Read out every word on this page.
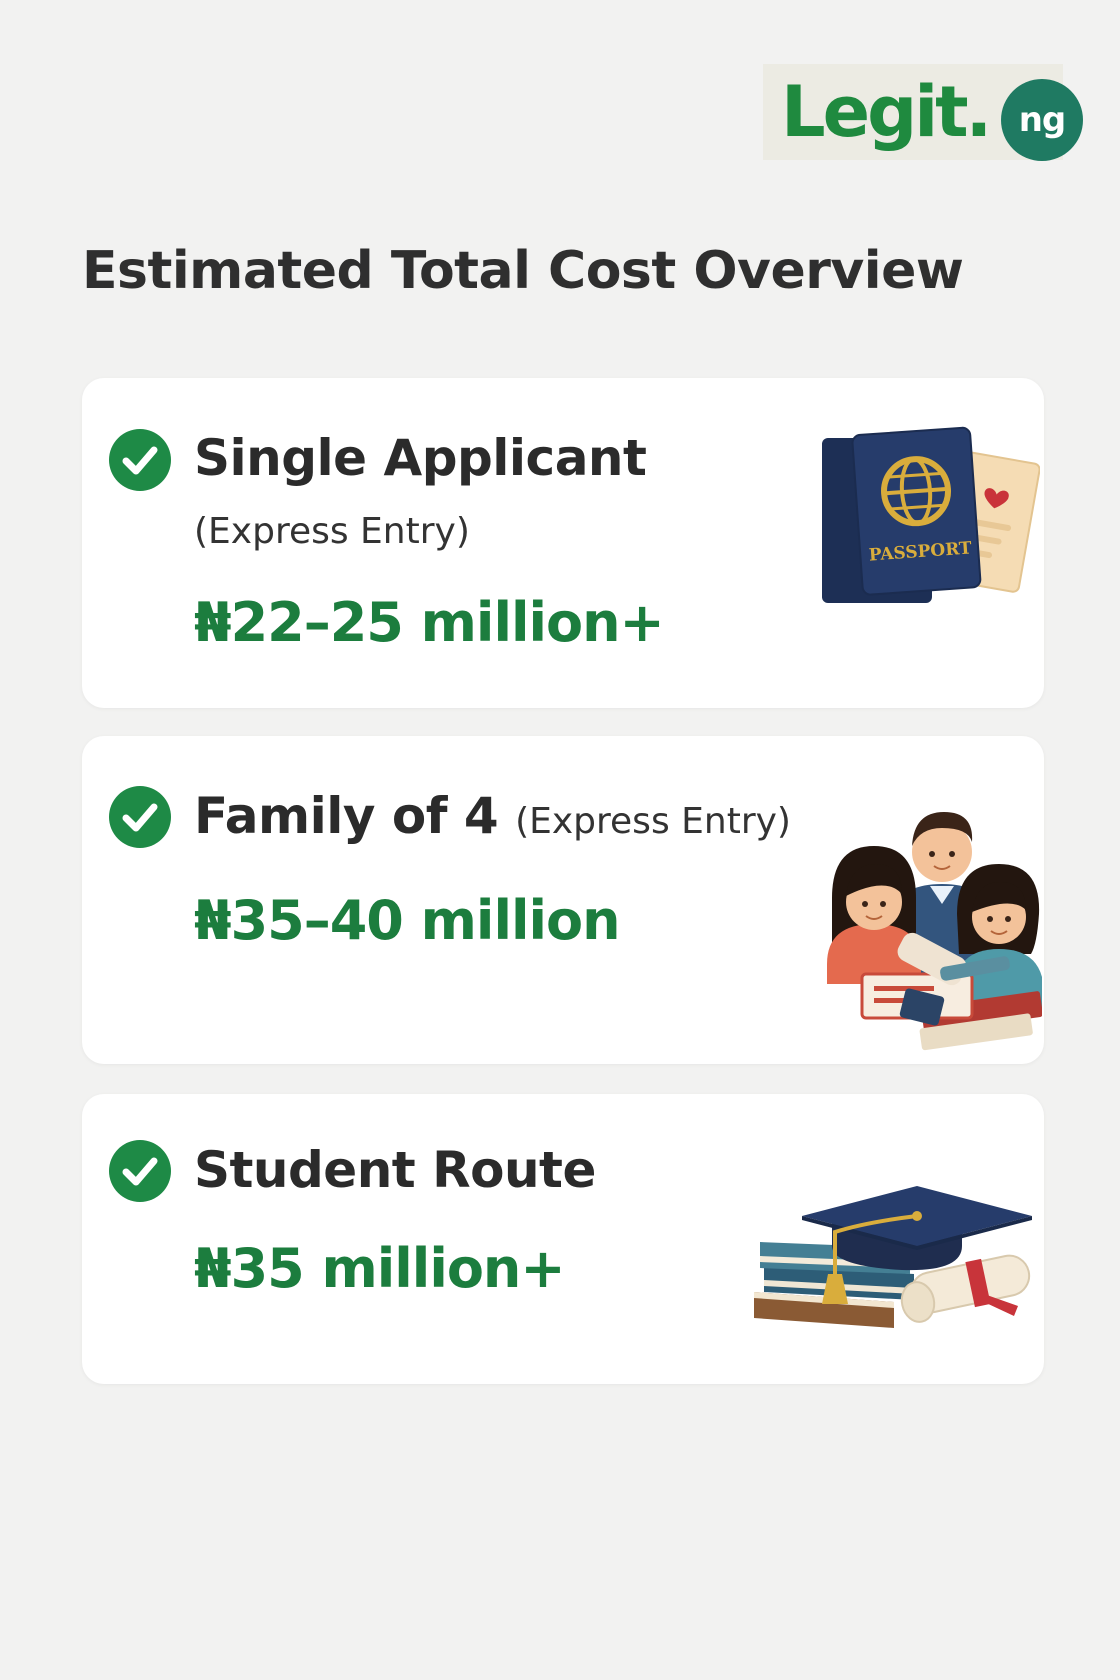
Legit. ng
Estimated Total Cost Overview
Single Applicant
(Express Entry)
₦22–25 million+
PASSPORT
Family of 4 (Express Entry)
₦35–40 million
Student Route
₦35 million+
